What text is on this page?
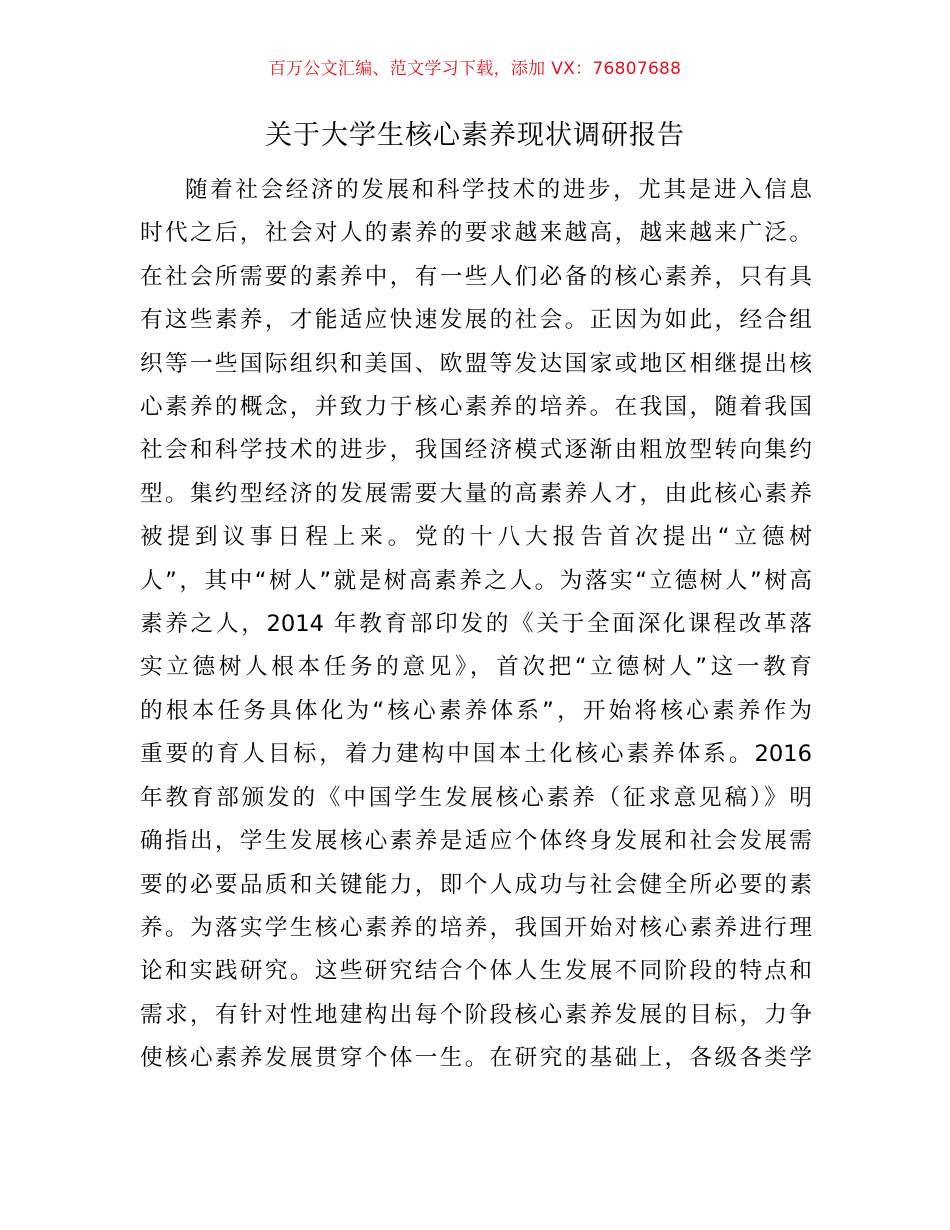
百万公文汇编、范文学习下载，添加 VX：76807688
关于大学生核心素养现状调研报告
随着社会经济的发展和科学技术的进步，尤其是进入信息
时代之后，社会对人的素养的要求越来越高，越来越来广泛。
在社会所需要的素养中，有一些人们必备的核心素养，只有具
有这些素养，才能适应快速发展的社会。正因为如此，经合组
织等一些国际组织和美国、欧盟等发达国家或地区相继提出核
心素养的概念，并致力于核心素养的培养。在我国，随着我国
社会和科学技术的进步，我国经济模式逐渐由粗放型转向集约
型。集约型经济的发展需要大量的高素养人才，由此核心素养
被提到议事日程上来。党的十八大报告首次提出“立德树
人”，其中“树人”就是树高素养之人。为落实“立德树人”树高
素养之人，2014 年教育部印发的《关于全面深化课程改革落
实立德树人根本任务的意见》，首次把“立德树人”这一教育
的根本任务具体化为“核心素养体系”，开始将核心素养作为
重要的育人目标，着力建构中国本土化核心素养体系。2016
年教育部颁发的《中国学生发展核心素养（征求意见稿）》明
确指出，学生发展核心素养是适应个体终身发展和社会发展需
要的必要品质和关键能力，即个人成功与社会健全所必要的素
养。为落实学生核心素养的培养，我国开始对核心素养进行理
论和实践研究。这些研究结合个体人生发展不同阶段的特点和
需求，有针对性地建构出每个阶段核心素养发展的目标，力争
使核心素养发展贯穿个体一生。在研究的基础上，各级各类学
